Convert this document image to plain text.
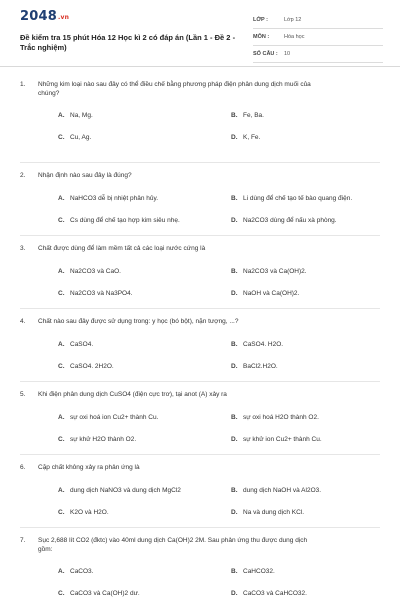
2048.vn
Đề kiểm tra 15 phút Hóa 12 Học kì 2 có đáp án (Lần 1 - Đề 2 - Trắc nghiệm)
LỚP :	Lớp 12
MÔN :	Hóa học
SỐ CÂU : 10
1. Những kim loại nào sau đây có thể điều chế bằng phương pháp điện phân dung dịch muối của
chúng?
A. Na, Mg.	B. Fe, Ba.
C. Cu, Ag.	D. K, Fe.
2. Nhận định nào sau đây là đúng?
A. NaHCO3 dễ bị nhiệt phân hủy.	B. Li dùng để chế tạo tế bào quang điện.
C. Cs dùng để chế tạo hợp kim siêu nhẹ.	D. Na2CO3 dùng để nấu xà phòng.
3. Chất được dùng để làm mềm tất cả các loại nước cứng là
A. Na2CO3 và CaO.	B. Na2CO3 và Ca(OH)2.
C. Na2CO3 và Na3PO4.	D. NaOH và Ca(OH)2.
4. Chất nào sau đây được sử dụng trong: y học (bó bột), nặn tượng, ...?
A. CaSO4.	B. CaSO4. H2O.
C. CaSO4. 2H2O.	D. BaCl2.H2O.
5. Khi điện phân dung dịch CuSO4 (điện cực trơ), tại anot (A) xảy ra
A. sự oxi hoá ion Cu2+ thành Cu.	B. sự oxi hoá H2O thành O2.
C. sự khử H2O thành O2.	D. sự khử ion Cu2+ thành Cu.
6. Cặp chất không xảy ra phản ứng là
A. dung dịch NaNO3 và dung dịch MgCl2	B. dung dịch NaOH và Al2O3.
C. K2O và H2O.	D. Na và dung dịch KCl.
7. Sục 2,688 lít CO2 (đktc) vào 40ml dung dịch Ca(OH)2 2M. Sau phản ứng thu được dung dịch
gồm:
A. CaCO3.	B. CaHCO32.
C. CaCO3 và Ca(OH)2 dư.	D. CaCO3 và CaHCO32.
